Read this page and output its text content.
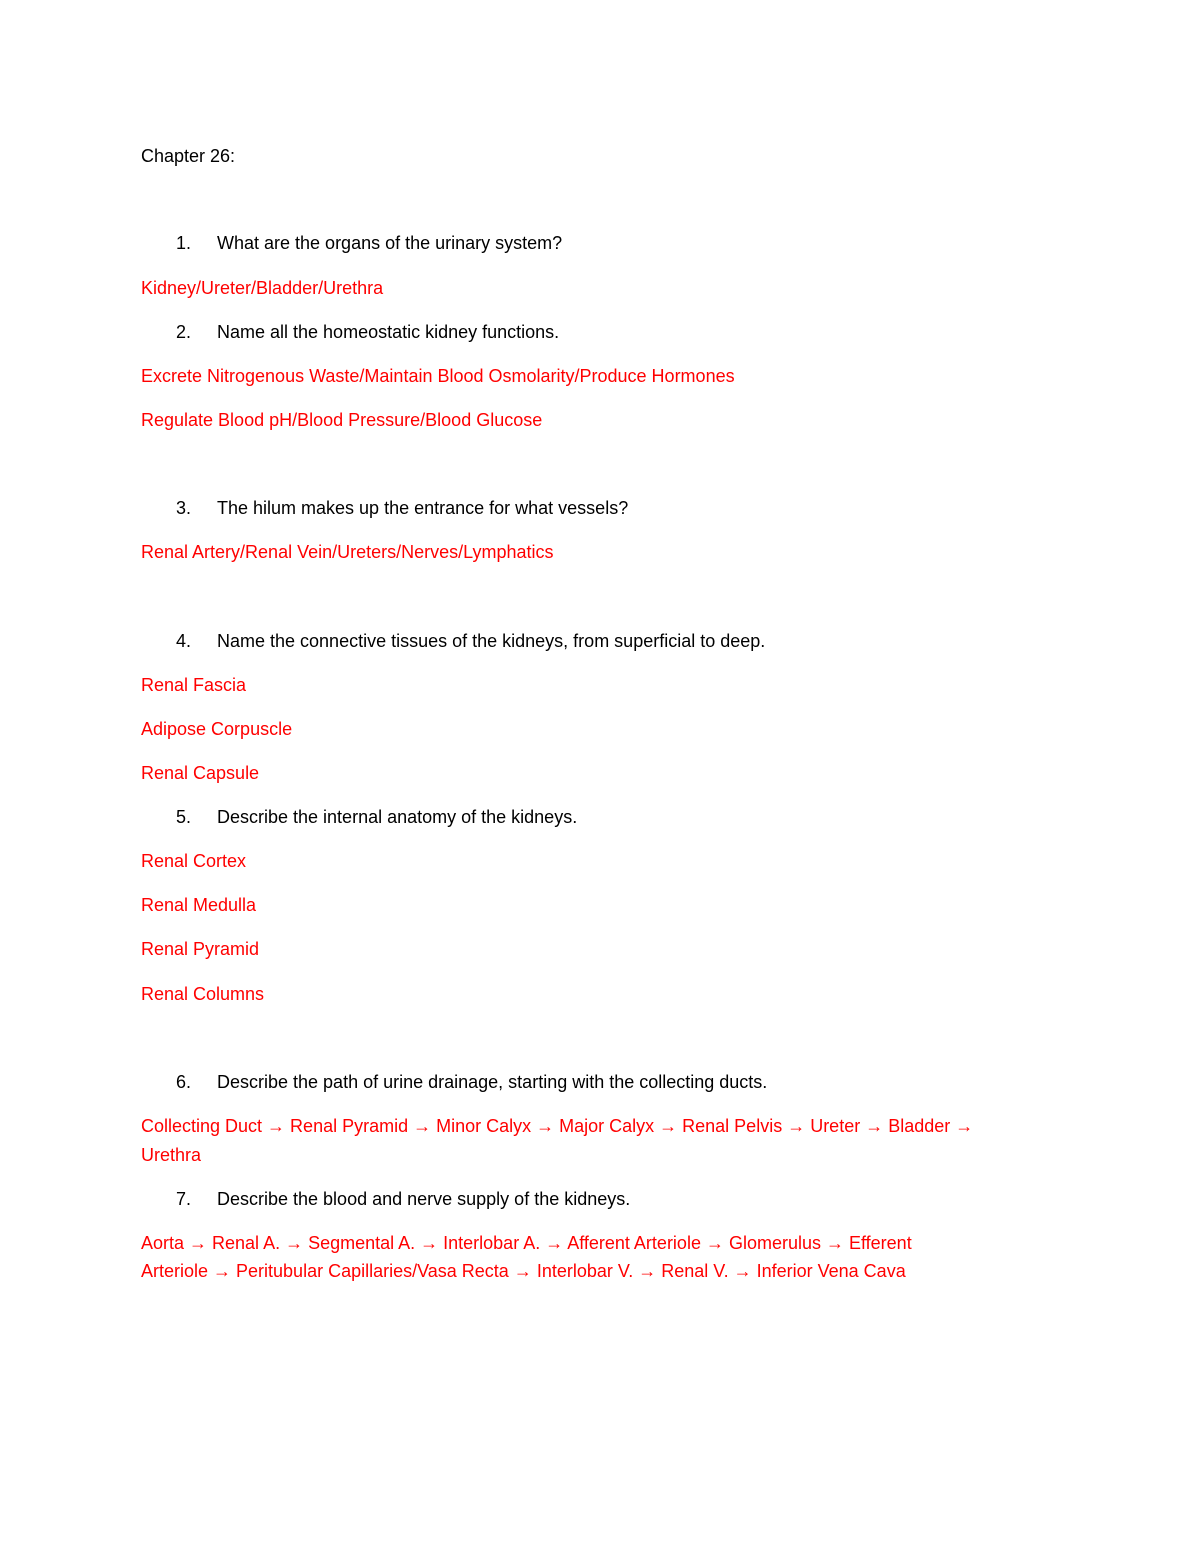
Chapter 26:
1. What are the organs of the urinary system?
Kidney/Ureter/Bladder/Urethra
2. Name all the homeostatic kidney functions.
Excrete Nitrogenous Waste/Maintain Blood Osmolarity/Produce Hormones
Regulate Blood pH/Blood Pressure/Blood Glucose
3. The hilum makes up the entrance for what vessels?
Renal Artery/Renal Vein/Ureters/Nerves/Lymphatics
4. Name the connective tissues of the kidneys, from superficial to deep.
Renal Fascia
Adipose Corpuscle
Renal Capsule
5. Describe the internal anatomy of the kidneys.
Renal Cortex
Renal Medulla
Renal Pyramid
Renal Columns
6. Describe the path of urine drainage, starting with the collecting ducts.
Collecting Duct → Renal Pyramid → Minor Calyx → Major Calyx → Renal Pelvis → Ureter → Bladder →
Urethra
7. Describe the blood and nerve supply of the kidneys.
Aorta → Renal A. → Segmental A. → Interlobar A. → Afferent Arteriole → Glomerulus → Efferent
Arteriole → Peritubular Capillaries/Vasa Recta → Interlobar V. → Renal V. → Inferior Vena Cava
